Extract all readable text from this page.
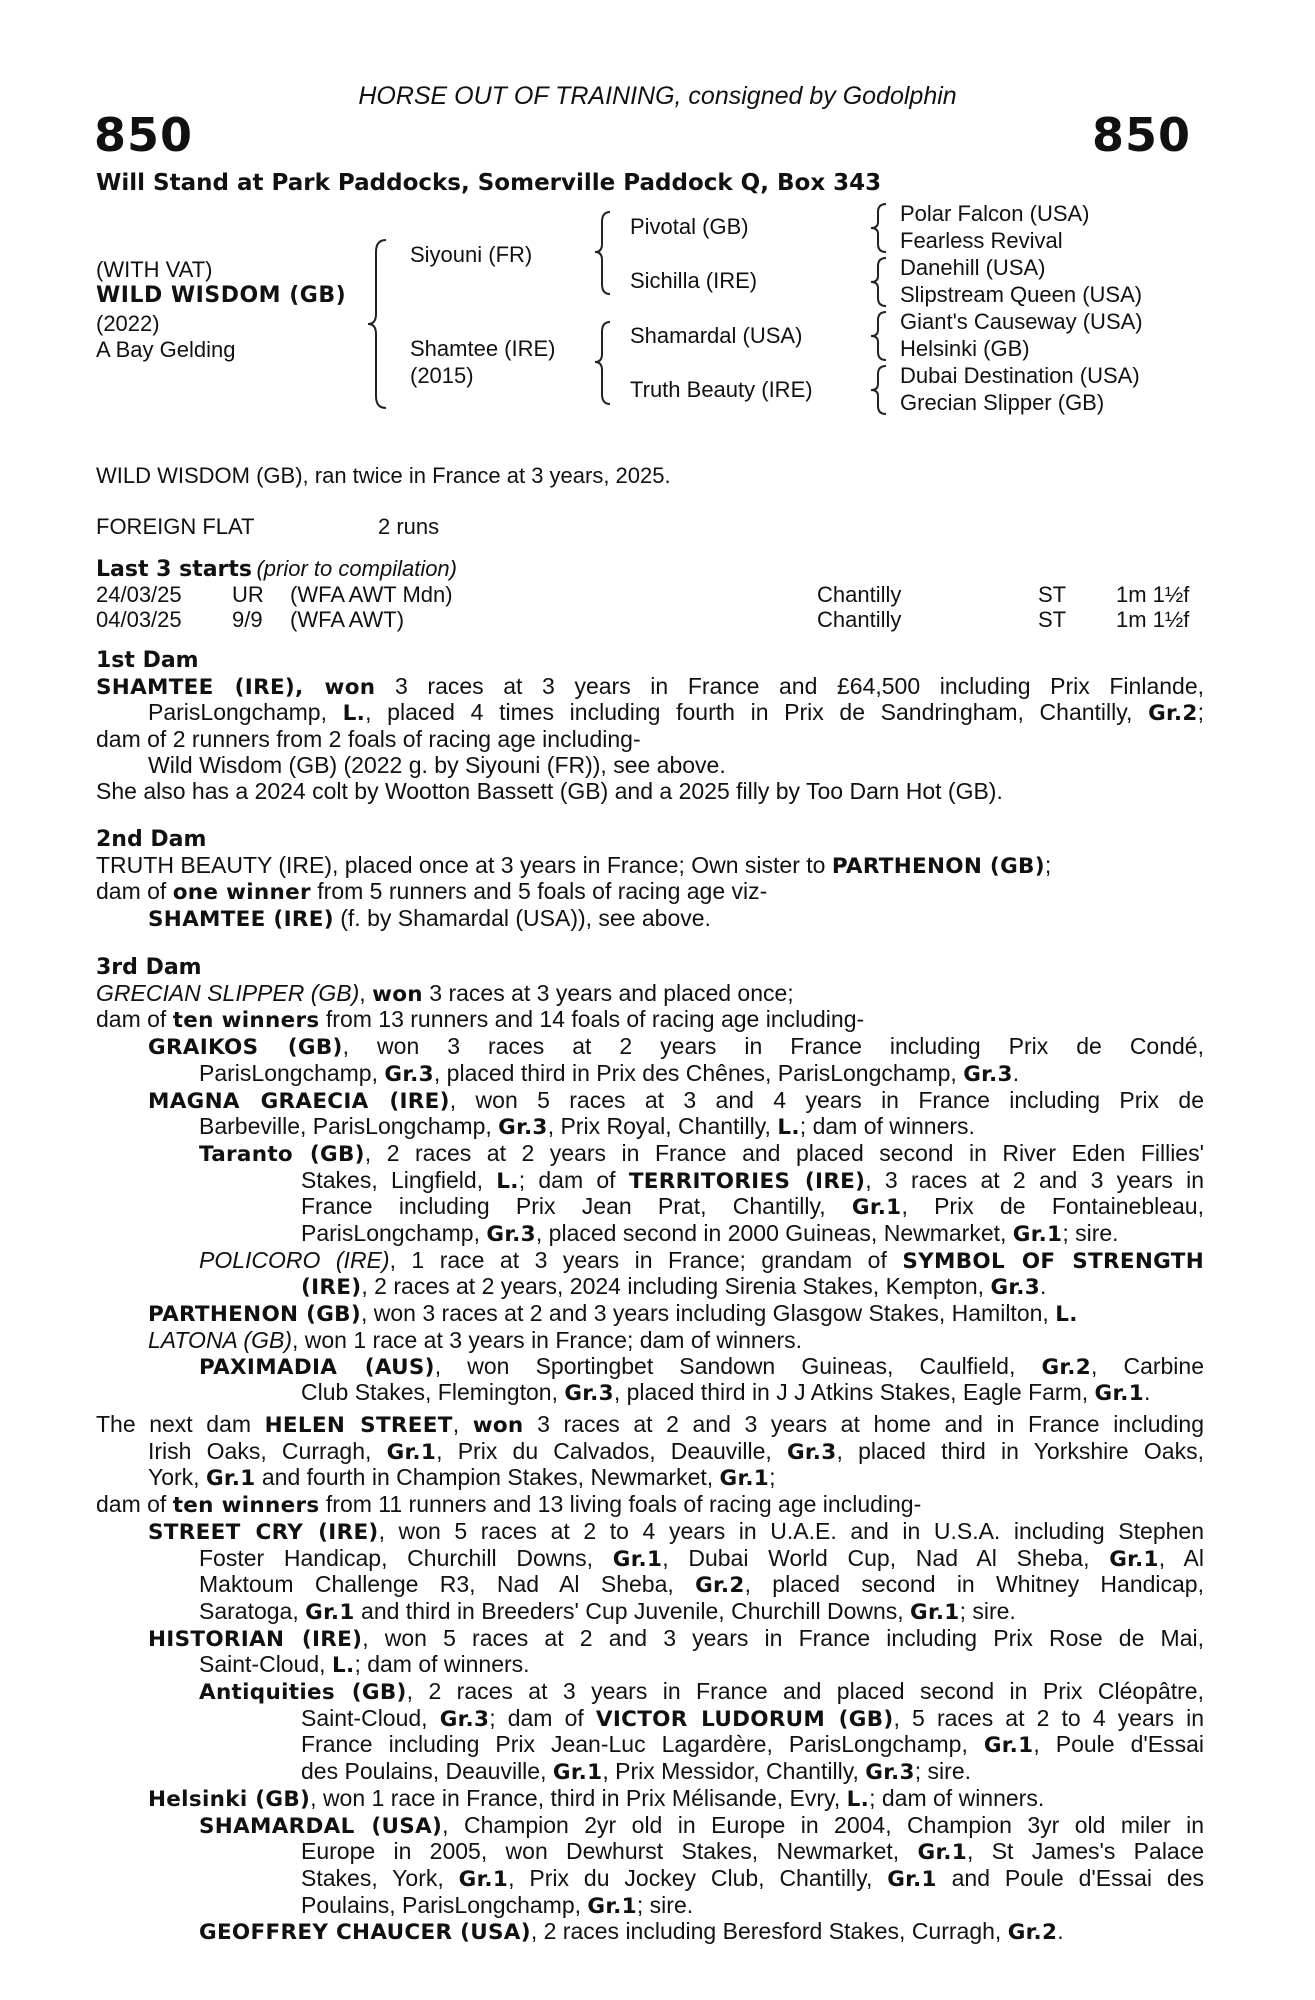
HORSE OUT OF TRAINING, consigned by Godolphin
850	850
Will Stand at Park Paddocks, Somerville Paddock Q, Box 343
(WITH VAT)
WILD WISDOM (GB)
(2022)
A Bay Gelding
Siyouni (FR)
Shamtee (IRE)
(2015)
Pivotal (GB)
Sichilla (IRE)
Shamardal (USA)
Truth Beauty (IRE)
Polar Falcon (USA)
Fearless Revival
Danehill (USA)
Slipstream Queen (USA)
Giant's Causeway (USA)
Helsinki (GB)
Dubai Destination (USA)
Grecian Slipper (GB)
WILD WISDOM (GB), ran twice in France at 3 years, 2025.
FOREIGN FLAT	2 runs
Last 3 starts (prior to compilation)
24/03/25 UR (WFA AWT Mdn)	Chantilly	ST 1m 1½f
04/03/25 9/9 (WFA AWT)	Chantilly	ST 1m 1½f
1st Dam
SHAMTEE (IRE), won 3 races at 3 years in France and £64,500 including Prix Finlande,
ParisLongchamp, L., placed 4 times including fourth in Prix de Sandringham, Chantilly, Gr.2;
dam of 2 runners from 2 foals of racing age including-
Wild Wisdom (GB) (2022 g. by Siyouni (FR)), see above.
She also has a 2024 colt by Wootton Bassett (GB) and a 2025 filly by Too Darn Hot (GB).
2nd Dam
TRUTH BEAUTY (IRE), placed once at 3 years in France; Own sister to PARTHENON (GB);
dam of one winner from 5 runners and 5 foals of racing age viz-
SHAMTEE (IRE) (f. by Shamardal (USA)), see above.
3rd Dam
GRECIAN SLIPPER (GB), won 3 races at 3 years and placed once;
dam of ten winners from 13 runners and 14 foals of racing age including-
GRAIKOS (GB), won 3 races at 2 years in France including Prix de Condé,
ParisLongchamp, Gr.3, placed third in Prix des Chênes, ParisLongchamp, Gr.3.
MAGNA GRAECIA (IRE), won 5 races at 3 and 4 years in France including Prix de
Barbeville, ParisLongchamp, Gr.3, Prix Royal, Chantilly, L.; dam of winners.
Taranto (GB), 2 races at 2 years in France and placed second in River Eden Fillies'
Stakes, Lingfield, L.; dam of TERRITORIES (IRE), 3 races at 2 and 3 years in
France including Prix Jean Prat, Chantilly, Gr.1, Prix de Fontainebleau,
ParisLongchamp, Gr.3, placed second in 2000 Guineas, Newmarket, Gr.1; sire.
POLICORO (IRE), 1 race at 3 years in France; grandam of SYMBOL OF STRENGTH
(IRE), 2 races at 2 years, 2024 including Sirenia Stakes, Kempton, Gr.3.
PARTHENON (GB), won 3 races at 2 and 3 years including Glasgow Stakes, Hamilton, L.
LATONA (GB), won 1 race at 3 years in France; dam of winners.
PAXIMADIA (AUS), won Sportingbet Sandown Guineas, Caulfield, Gr.2, Carbine
Club Stakes, Flemington, Gr.3, placed third in J J Atkins Stakes, Eagle Farm, Gr.1.
The next dam HELEN STREET, won 3 races at 2 and 3 years at home and in France including
Irish Oaks, Curragh, Gr.1, Prix du Calvados, Deauville, Gr.3, placed third in Yorkshire Oaks,
York, Gr.1 and fourth in Champion Stakes, Newmarket, Gr.1;
dam of ten winners from 11 runners and 13 living foals of racing age including-
STREET CRY (IRE), won 5 races at 2 to 4 years in U.A.E. and in U.S.A. including Stephen
Foster Handicap, Churchill Downs, Gr.1, Dubai World Cup, Nad Al Sheba, Gr.1, Al
Maktoum Challenge R3, Nad Al Sheba, Gr.2, placed second in Whitney Handicap,
Saratoga, Gr.1 and third in Breeders' Cup Juvenile, Churchill Downs, Gr.1; sire.
HISTORIAN (IRE), won 5 races at 2 and 3 years in France including Prix Rose de Mai,
Saint-Cloud, L.; dam of winners.
Antiquities (GB), 2 races at 3 years in France and placed second in Prix Cléopâtre,
Saint-Cloud, Gr.3; dam of VICTOR LUDORUM (GB), 5 races at 2 to 4 years in
France including Prix Jean-Luc Lagardère, ParisLongchamp, Gr.1, Poule d'Essai
des Poulains, Deauville, Gr.1, Prix Messidor, Chantilly, Gr.3; sire.
Helsinki (GB), won 1 race in France, third in Prix Mélisande, Evry, L.; dam of winners.
SHAMARDAL (USA), Champion 2yr old in Europe in 2004, Champion 3yr old miler in
Europe in 2005, won Dewhurst Stakes, Newmarket, Gr.1, St James's Palace
Stakes, York, Gr.1, Prix du Jockey Club, Chantilly, Gr.1 and Poule d'Essai des
Poulains, ParisLongchamp, Gr.1; sire.
GEOFFREY CHAUCER (USA), 2 races including Beresford Stakes, Curragh, Gr.2.
